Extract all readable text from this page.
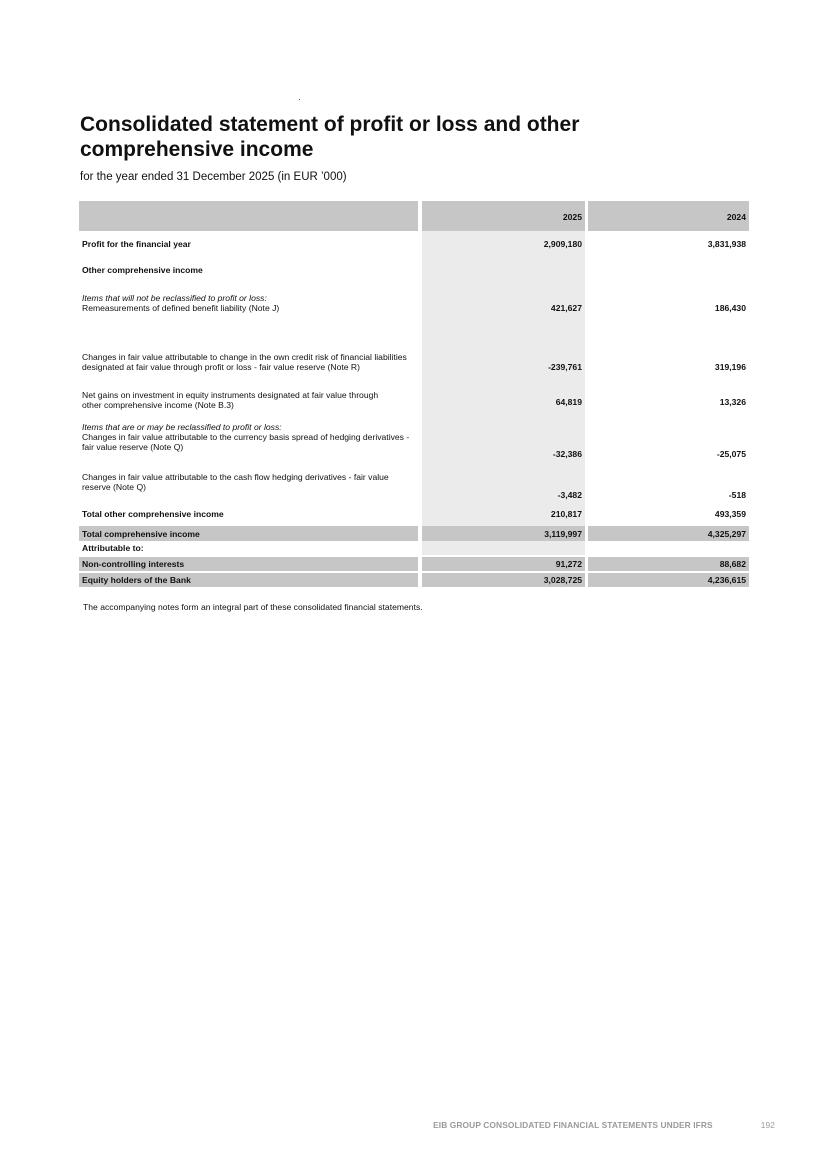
Consolidated statement of profit or loss and other
comprehensive income

for the year ended 31 December 2025 (in EUR ’000)

		2025		2024
Profit for the financial year		2,909,180		3,831,938
Other comprehensive income				

Items that will not be reclassified to profit or loss:
Remeasurements of defined benefit liability (Note J)		421,627		186,430
Changes in fair value attributable to change in the own credit risk of financial liabilities designated at fair value through profit or loss - fair value reserve (Note R)		-239,761		319,196
Net gains on investment in equity instruments designated at fair value through other comprehensive income (Note B.3)		64,819		13,326

Items that are or may be reclassified to profit or loss:
Changes in fair value attributable to the currency basis spread of hedging derivatives - fair value reserve (Note Q)		-32,386		-25,075
Changes in fair value attributable to the cash flow hedging derivatives - fair value reserve (Note Q)		-3,482		-518
Total other comprehensive income		210,817		493,359
Total comprehensive income		3,119,997		4,325,297
Attributable to:				

Non-controlling interests		91,272		88,682

Equity holders of the Bank		3,028,725		4,236,615

The accompanying notes form an integral part of these consolidated financial statements.

EIB GROUP CONSOLIDATED FINANCIAL STATEMENTS UNDER IFRS	192
